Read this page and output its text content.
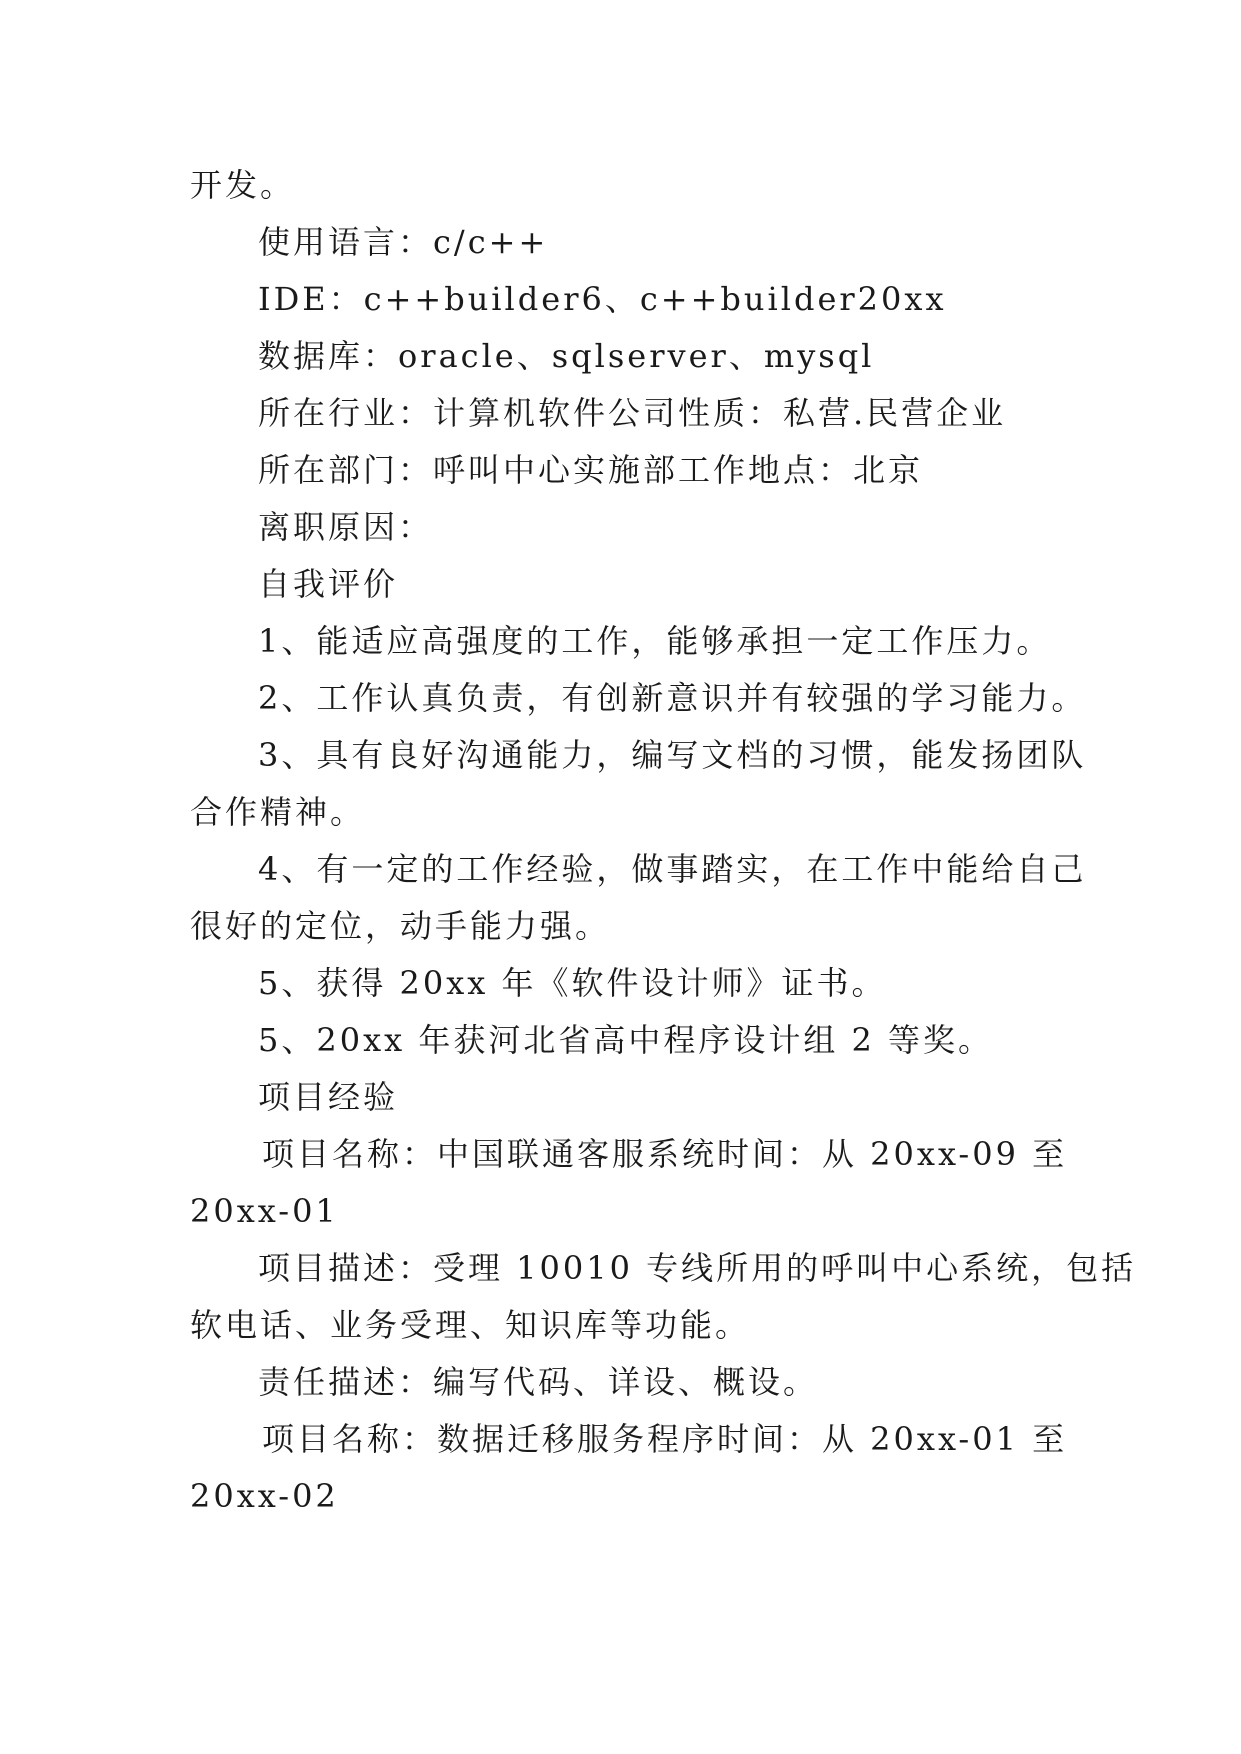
开发。
使用语言：c/c++
IDE：c++builder6、c++builder20xx
数据库：oracle、sqlserver、mysql
所在行业：计算机软件公司性质：私营.民营企业
所在部门：呼叫中心实施部工作地点：北京
离职原因：
自我评价
1、能适应高强度的工作，能够承担一定工作压力。
2、工作认真负责，有创新意识并有较强的学习能力。
3、具有良好沟通能力，编写文档的习惯，能发扬团队
合作精神。
4、有一定的工作经验，做事踏实，在工作中能给自己
很好的定位，动手能力强。
5、获得 20xx 年《软件设计师》证书。
5、20xx 年获河北省高中程序设计组 2 等奖。
项目经验
项目名称：中国联通客服系统时间：从 20xx-09 至
20xx-01
项目描述：受理 10010 专线所用的呼叫中心系统，包括
软电话、业务受理、知识库等功能。
责任描述：编写代码、详设、概设。
项目名称：数据迁移服务程序时间：从 20xx-01 至
20xx-02
